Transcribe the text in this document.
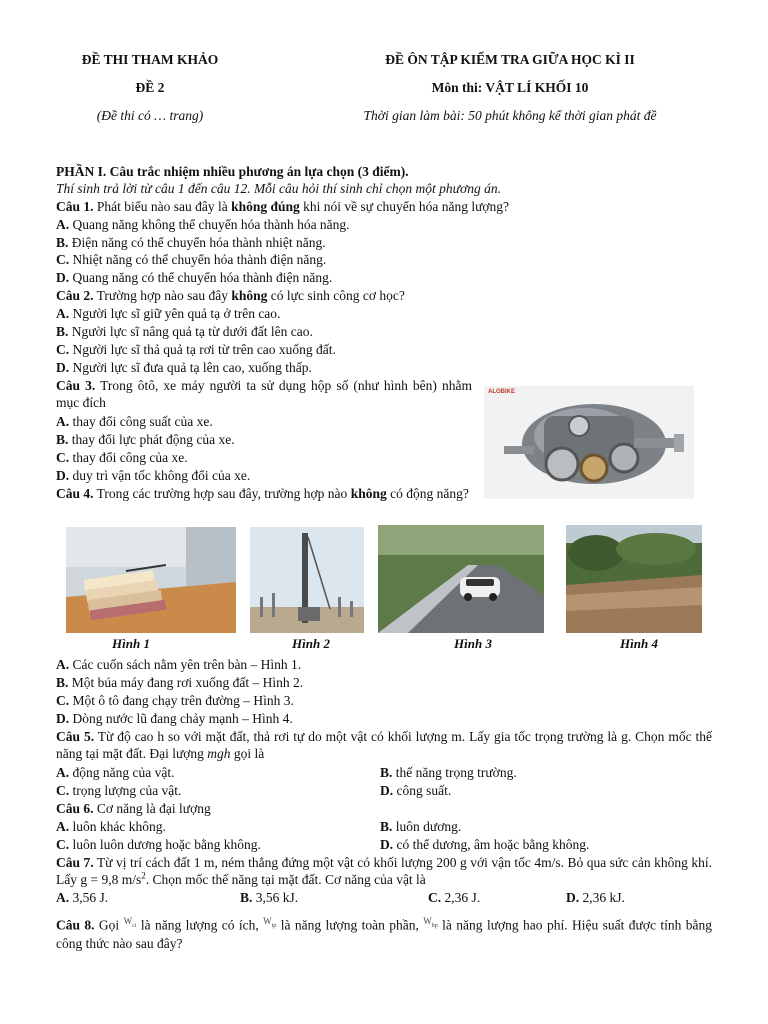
ĐỀ THI THAM KHẢO
ĐỀ 2
(Đề thi có … trang)
ĐỀ ÔN TẬP KIỂM TRA GIỮA HỌC KÌ II
Môn thi: VẬT LÍ KHỐI 10
Thời gian làm bài: 50 phút không kể thời gian phát đề
PHẦN I. Câu trắc nhiệm nhiều phương án lựa chọn (3 điểm).
Thí sinh trả lời từ câu 1 đến câu 12. Mỗi câu hỏi thí sinh chỉ chọn một phương án.
Câu 1. Phát biểu nào sau đây là không đúng khi nói về sự chuyển hóa năng lượng?
A. Quang năng không thể chuyển hóa thành hóa năng.
B. Điện năng có thể chuyển hóa thành nhiệt năng.
C. Nhiệt năng có thể chuyển hóa thành điện năng.
D. Quang năng có thể chuyển hóa thành điện năng.
Câu 2. Trường hợp nào sau đây không có lực sinh công cơ học?
A. Người lực sĩ giữ yên quả tạ ở trên cao.
B. Người lực sĩ nâng quả tạ từ dưới đất lên cao.
C. Người lực sĩ thả quả tạ rơi từ trên cao xuống đất.
D. Người lực sĩ đưa quả tạ lên cao, xuống thấp.
Câu 3. Trong ôtô, xe máy người ta sử dụng hộp số (như hình bên) nhằm mục đích
A. thay đổi công suất của xe.
B. thay đổi lực phát động của xe.
C. thay đổi công của xe.
D. duy trì vận tốc không đổi của xe.
ALOBIKE
Câu 4. Trong các trường hợp sau đây, trường hợp nào không có động năng?
Hình 1	Hình 2	Hình 3	Hình 4
A. Các cuốn sách nằm yên trên bàn – Hình 1.
B. Một búa máy đang rơi xuống đất – Hình 2.
C. Một ô tô đang chạy trên đường – Hình 3.
D. Dòng nước lũ đang chảy mạnh – Hình 4.
Câu 5. Từ độ cao h so với mặt đất, thả rơi tự do một vật có khối lượng m. Lấy gia tốc trọng trường là g. Chọn mốc thế năng tại mặt đất. Đại lượng mgh gọi là
A. động năng của vật.	B. thế năng trọng trường.
C. trọng lượng của vật.	D. công suất.
Câu 6. Cơ năng là đại lượng
A. luôn khác không.	B. luôn dương.
C. luôn luôn dương hoặc bằng không.	D. có thể dương, âm hoặc bằng không.
Câu 7. Từ vị trí cách đất 1 m, ném thẳng đứng một vật có khối lượng 200 g với vận tốc 4m/s. Bỏ qua sức cản không khí. Lấy g = 9,8 $m/s^2$. Chọn mốc thế năng tại mặt đất. Cơ năng của vật là
A. 3,56 J.	B. 3,56 kJ.	C. 2,36 J.	D. 2,36 kJ.
Câu 8. Gọi $^{W_{ci}}$ là năng lượng có ích, $^{W_{tp}}$ là năng lượng toàn phần, $^{W_{hp}}$ là năng lượng hao phí. Hiệu suất được tính bằng công thức nào sau đây?
